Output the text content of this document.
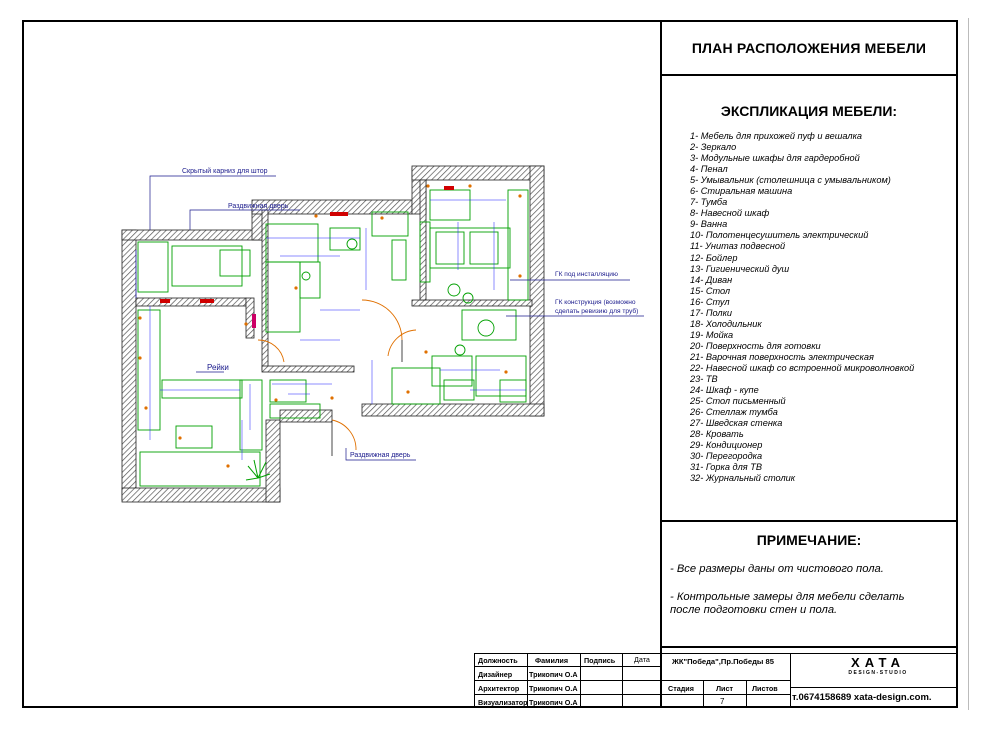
Скрытый карниз для штор
Раздвижная дверь
ГК под инсталляцию
ГК конструкция (возможно
сделать ревизию для труб)
Рейки
Раздвижная дверь
ПЛАН РАСПОЛОЖЕНИЯ МЕБЕЛИ
ЭКСПЛИКАЦИЯ МЕБЕЛИ:
1- Мебель для прихожей пуф и вешалка
2- Зеркало
3- Модульные шкафы для гардеробной
4- Пенал
5- Умывальник (столешница с умывальником)
6- Стиральная машина
7- Тумба
8- Навесной шкаф
9- Ванна
10- Полотенцесушитель электрический
11- Унитаз подвесной
12- Бойлер
13- Гигиенический душ
14- Диван
15- Стол
16- Стул
17- Полки
18- Холодильник
19- Мойка
20- Поверхность для готовки
21- Варочная поверхность электрическая
22- Навесной шкаф со встроенной микроволновкой
23- ТВ
24- Шкаф - купе
25- Стол письменный
26- Стеллаж тумба
27- Шведская стенка
28- Кровать
29- Кондиционер
30- Перегородка
31- Горка для ТВ
32- Журнальный столик
ПРИМЕЧАНИЕ:
- Все размеры даны от чистового пола.
- Контрольные замеры для мебели сделать
после подготовки стен и пола.
Должность Фамилия Подпись	Дата
Дизайнер Трикопич О.А
Архитектор Трикопич О.А
Визуализатор Трикопич О.А
ЖК"Победа",Пр.Победы 85
Стадия	Лист	Листов
7
ХАТА
DESIGN-STUDIO
т.0674158689 xata-design.com.
